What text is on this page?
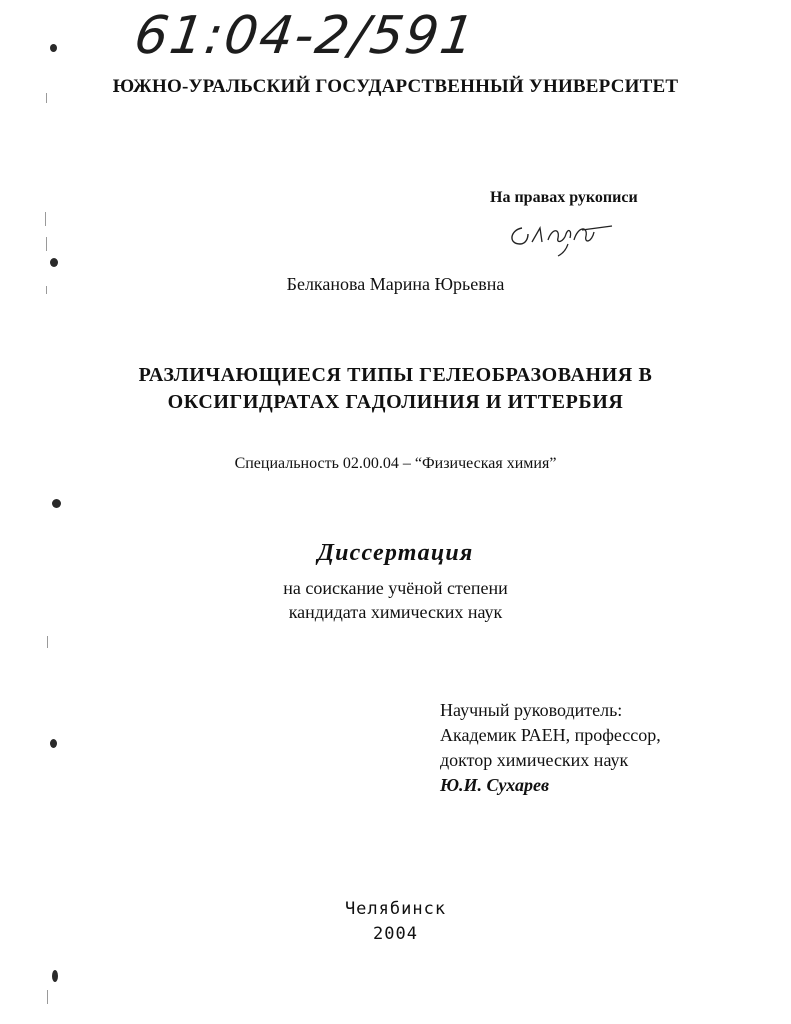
61:04-2/591
ЮЖНО-УРАЛЬСКИЙ ГОСУДАРСТВЕННЫЙ УНИВЕРСИТЕТ
На правах рукописи
Белканова Марина Юрьевна
РАЗЛИЧАЮЩИЕСЯ ТИПЫ ГЕЛЕОБРАЗОВАНИЯ В
ОКСИГИДРАТАХ ГАДОЛИНИЯ И ИТТЕРБИЯ
Специальность 02.00.04 – “Физическая химия”
Диссертация
на соискание учёной степени
кандидата химических наук
Научный руководитель:
Академик РАЕН, профессор,
доктор химических наук
Ю.И. Сухарев
Челябинск
2004
